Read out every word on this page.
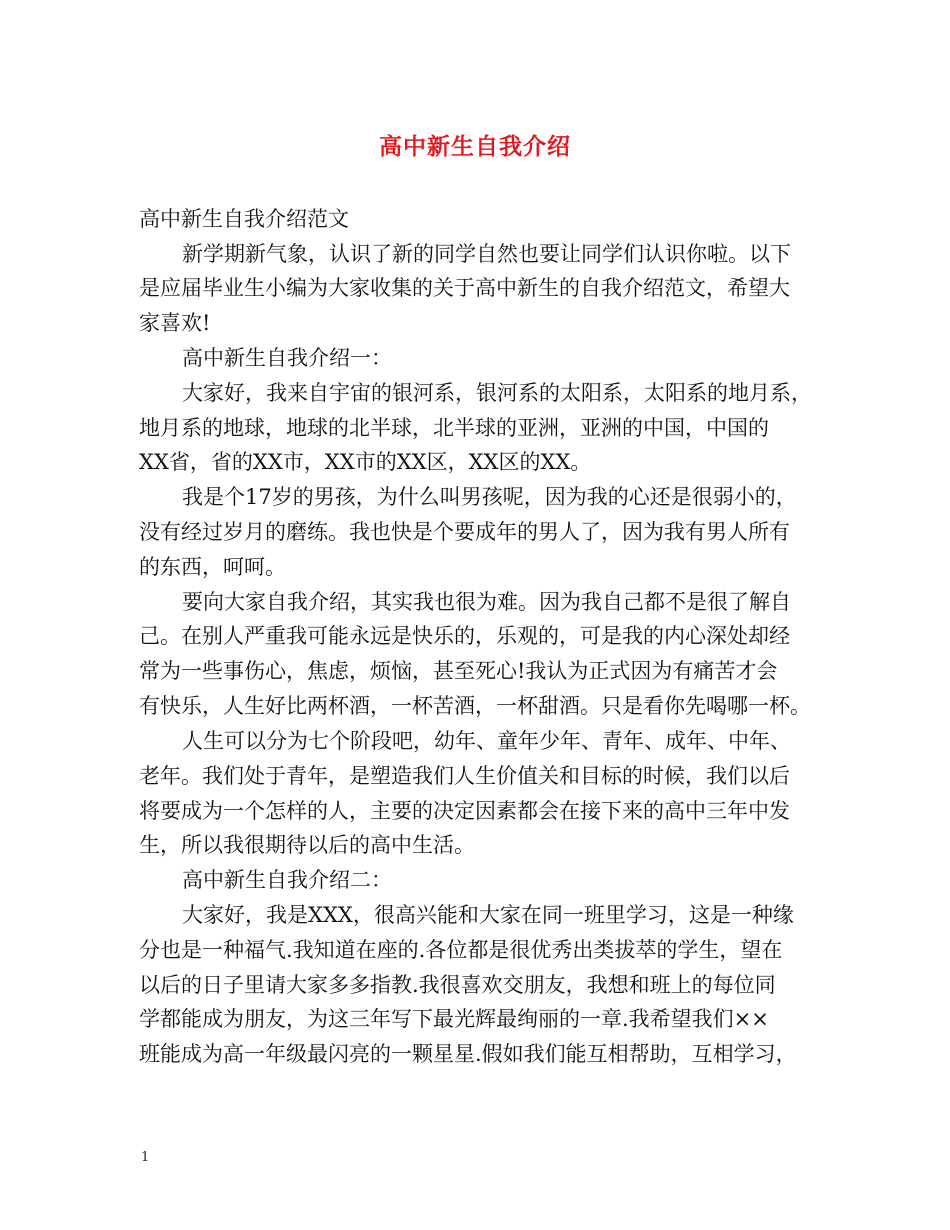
高中新生自我介绍
高中新生自我介绍范文
新学期新气象，认识了新的同学自然也要让同学们认识你啦。以下
是应届毕业生小编为大家收集的关于高中新生的自我介绍范文，希望大
家喜欢!
高中新生自我介绍一：
大家好，我来自宇宙的银河系，银河系的太阳系，太阳系的地月系，
地月系的地球，地球的北半球，北半球的亚洲，亚洲的中国，中国的
XX省，省的XX市，XX市的XX区，XX区的XX。
我是个17岁的男孩，为什么叫男孩呢，因为我的心还是很弱小的，
没有经过岁月的磨练。我也快是个要成年的男人了，因为我有男人所有
的东西，呵呵。
要向大家自我介绍，其实我也很为难。因为我自己都不是很了解自
己。在别人严重我可能永远是快乐的，乐观的，可是我的内心深处却经
常为一些事伤心，焦虑，烦恼，甚至死心!我认为正式因为有痛苦才会
有快乐，人生好比两杯酒，一杯苦酒，一杯甜酒。只是看你先喝哪一杯。
人生可以分为七个阶段吧，幼年、童年少年、青年、成年、中年、
老年。我们处于青年，是塑造我们人生价值关和目标的时候，我们以后
将要成为一个怎样的人，主要的决定因素都会在接下来的高中三年中发
生，所以我很期待以后的高中生活。
高中新生自我介绍二：
大家好，我是XXX，很高兴能和大家在同一班里学习，这是一种缘
分也是一种福气.我知道在座的.各位都是很优秀出类拔萃的学生，望在
以后的日子里请大家多多指教.我很喜欢交朋友，我想和班上的每位同
学都能成为朋友，为这三年写下最光辉最绚丽的一章.我希望我们××
班能成为高一年级最闪亮的一颗星星.假如我们能互相帮助，互相学习，
1
